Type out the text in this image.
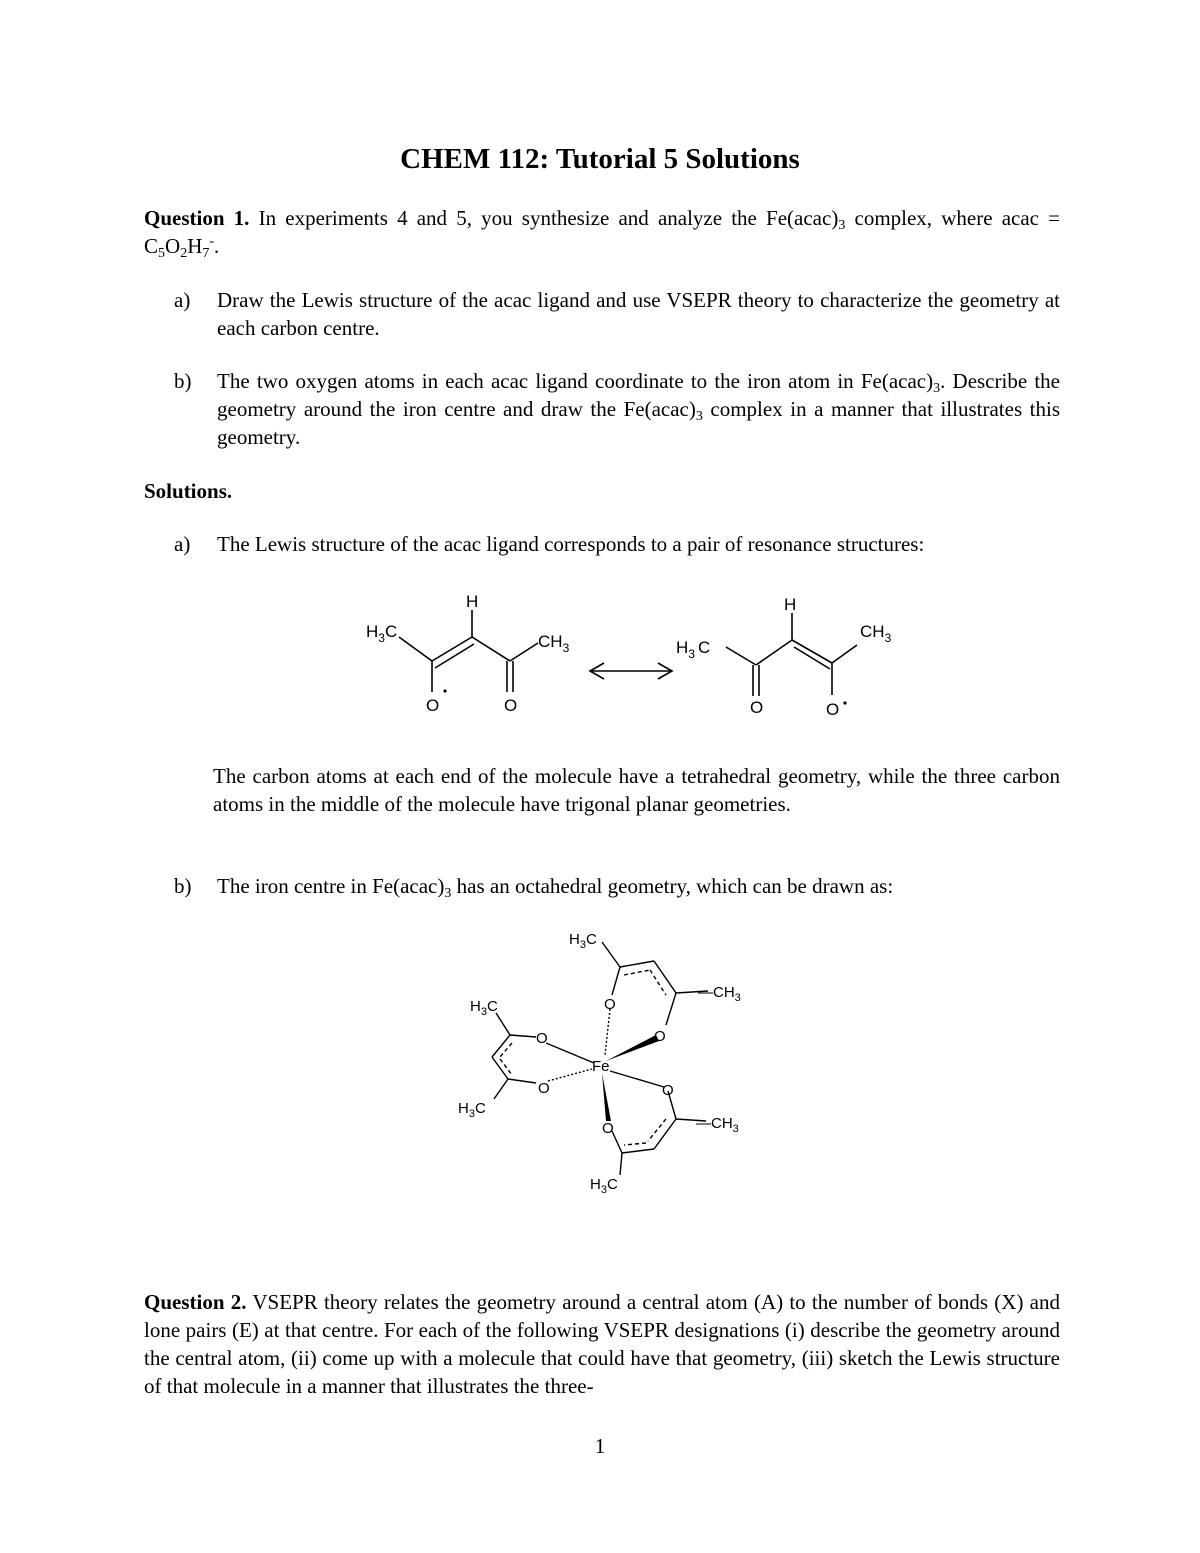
CHEM 112: Tutorial 5 Solutions
Question 1. In experiments 4 and 5, you synthesize and analyze the $Fe(acac)_3$ complex, where acac = $C_5O_2H_7^-$.
a) Draw the Lewis structure of the acac ligand and use VSEPR theory to characterize the geometry at each carbon centre.
b) The two oxygen atoms in each acac ligand coordinate to the iron atom in $Fe(acac)_3$. Describe the geometry around the iron centre and draw the $Fe(acac)_3$ complex in a manner that illustrates this geometry.
Solutions.
a) The Lewis structure of the acac ligand corresponds to a pair of resonance structures:
H
$H_3C$
$CH_3$
O	O
H
$H_3$ C
$CH_3$
O	O
The carbon atoms at each end of the molecule have a tetrahedral geometry, while the three carbon atoms in the middle of the molecule have trigonal planar geometries.
b) The iron centre in $Fe(acac)_3$ has an octahedral geometry, which can be drawn as:
Fe
O
O
O
O	O
O
$H_3C$
$H_3C$
$H_3C$
$H_3C$
$—CH_3$
$—CH_3$
Question 2. VSEPR theory relates the geometry around a central atom (A) to the number of bonds (X) and lone pairs (E) at that centre. For each of the following VSEPR designations (i) describe the geometry around the central atom, (ii) come up with a molecule that could have that geometry, (iii) sketch the Lewis structure of that molecule in a manner that illustrates the three-
1
